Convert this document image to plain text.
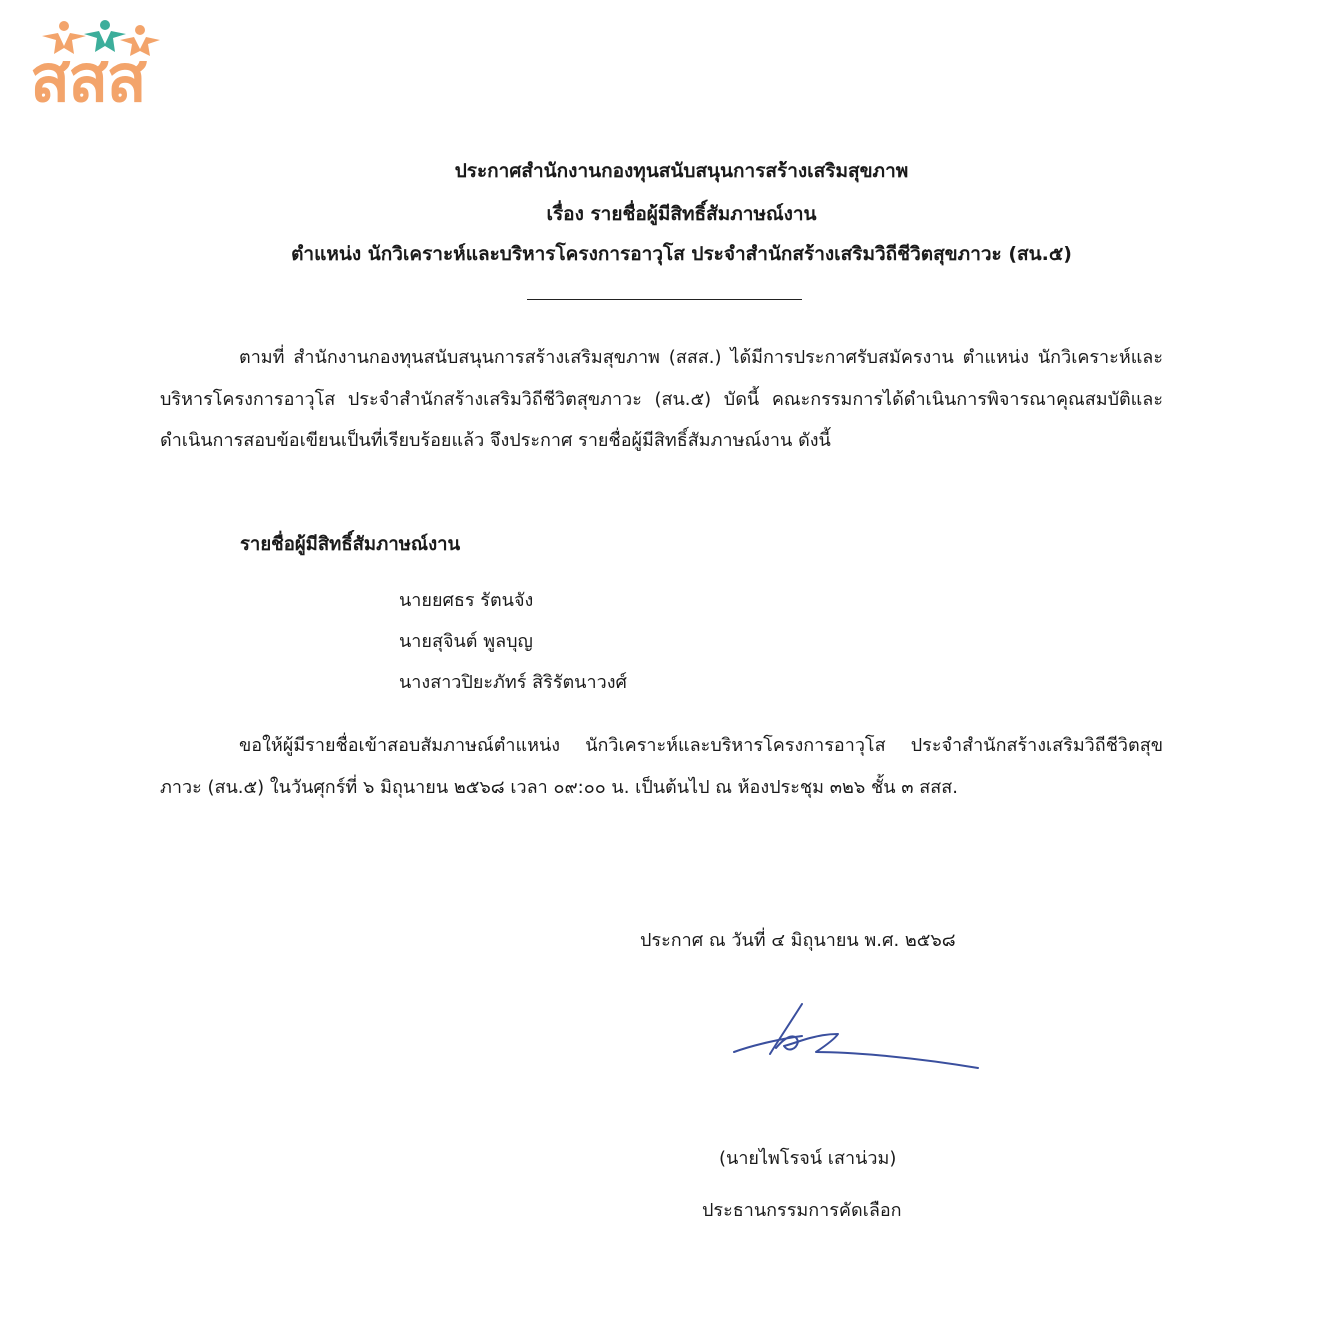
สสส
ประกาศสำนักงานกองทุนสนับสนุนการสร้างเสริมสุขภาพ
เรื่อง รายชื่อผู้มีสิทธิ์สัมภาษณ์งาน
ตำแหน่ง นักวิเคราะห์และบริหารโครงการอาวุโส ประจำสำนักสร้างเสริมวิถีชีวิตสุขภาวะ (สน.๕)
ตามที่ สำนักงานกองทุนสนับสนุนการสร้างเสริมสุขภาพ (สสส.) ได้มีการประกาศรับสมัครงาน ตำแหน่ง นักวิเคราะห์และบริหารโครงการอาวุโส ประจำสำนักสร้างเสริมวิถีชีวิตสุขภาวะ (สน.๕) บัดนี้ คณะกรรมการได้ดำเนินการพิจารณาคุณสมบัติและดำเนินการสอบข้อเขียนเป็นที่เรียบร้อยแล้ว จึงประกาศ รายชื่อผู้มีสิทธิ์สัมภาษณ์งาน ดังนี้
รายชื่อผู้มีสิทธิ์สัมภาษณ์งาน
นายยศธร รัตนจัง
นายสุจินต์ พูลบุญ
นางสาวปิยะภัทร์ สิริรัตนาวงศ์
ขอให้ผู้มีรายชื่อเข้าสอบสัมภาษณ์ตำแหน่ง นักวิเคราะห์และบริหารโครงการอาวุโส ประจำสำนักสร้างเสริมวิถีชีวิตสุขภาวะ (สน.๕) ในวันศุกร์ที่ ๖ มิถุนายน ๒๕๖๘ เวลา ๐๙:๐๐ น. เป็นต้นไป ณ ห้องประชุม ๓๒๖ ชั้น ๓ สสส.
ประกาศ ณ วันที่ ๔ มิถุนายน พ.ศ. ๒๕๖๘
(นายไพโรจน์ เสาน่วม)
ประธานกรรมการคัดเลือก
